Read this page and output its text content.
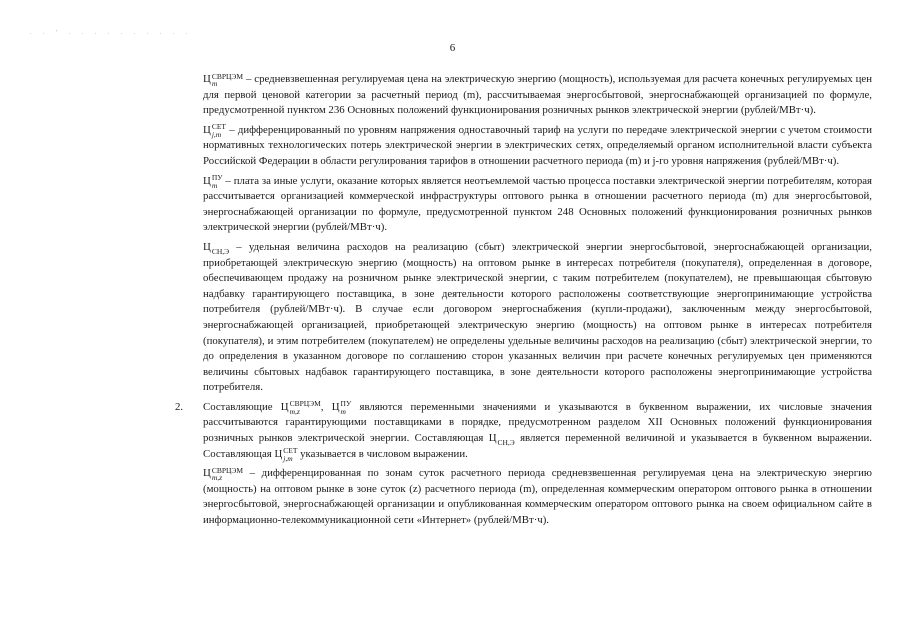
. . ' . . . . . . . . . .
6

Ц СВРЦЭМ
m	– средневзвешенная регулируемая цена на электрическую энергию (мощность), используемая для расчета конечных регулируемых цен для первой ценовой категории за расчетный период (m), рассчитываемая энергосбытовой, энергоснабжающей организацией по формуле, предусмотренной пунктом 236 Основных положений функционирования розничных рынков электрической энергии (рублей/МВт·ч).

Ц СЕТ
j,m – дифференцированный по уровням напряжения одноставочный тариф на услуги по передаче электрической энергии с учетом стоимости нормативных технологических потерь электрической энергии в электрических сетях, определяемый органом исполнительной власти субъекта Российской Федерации в области регулирования тарифов в отношении расчетного периода (m) и j-го уровня напряжения (рублей/МВт·ч).

Ц ПУ
m – плата за иные услуги, оказание которых является неотъемлемой частью процесса поставки электрической энергии потребителям, которая рассчитывается организацией коммерческой инфраструктуры оптового рынка в отношении расчетного периода (m) для энергосбытовой, энергоснабжающей организации по формуле, предусмотренной пунктом 248 Основных положений функционирования розничных рынков электрической энергии (рублей/МВт·ч).

Ц СН,Э – удельная величина расходов на реализацию (сбыт) электрической энергии энергосбытовой, энергоснабжающей организации, приобретающей электрическую энергию (мощность) на оптовом рынке в интересах потребителя (покупателя), определенная в договоре, обеспечивающем продажу на розничном рынке электрической энергии, с таким потребителем (покупателем), не превышающая сбытовую надбавку гарантирующего поставщика, в зоне деятельности которого расположены соответствующие энергопринимающие устройства потребителя (рублей/МВт·ч). В случае если договором энергоснабжения (купли-продажи), заключенным между энергосбытовой, энергоснабжающей организацией, приобретающей электрическую энергию (мощность) на оптовом рынке в интересах потребителя (покупателя), и этим потребителем (покупателем) не определены удельные величины расходов на реализацию (сбыт) электрической энергии, то до определения в указанном договоре по соглашению сторон указанных величин при расчете конечных регулируемых цен применяются величины сбытовых надбавок гарантирующего поставщика, в зоне деятельности которого расположены энергопринимающие устройства потребителя.

2. Составляющие Ц СВРЦЭМ
m,z	, Ц ПУ
m являются переменными значениями и указываются в буквенном выражении, их числовые значения рассчитываются гарантирующими поставщиками в порядке, предусмотренном разделом XII Основных положений функционирования розничных рынков электрической энергии. Составляющая Ц СН,Э является переменной величиной и указывается в буквенном выражении. Составляющая Ц СЕТ
j,m указывается в числовом выражении.

Ц СВРЦЭМ
m,z	– дифференцированная по зонам суток расчетного периода средневзвешенная регулируемая цена на электрическую энергию (мощность) на оптовом рынке в зоне суток (z) расчетного периода (m), определенная коммерческим оператором оптового рынка в отношении энергосбытовой, энергоснабжающей организации и опубликованная коммерческим оператором оптового рынка на своем официальном сайте в информационно-телекоммуникационной сети «Интернет» (рублей/МВт·ч).
